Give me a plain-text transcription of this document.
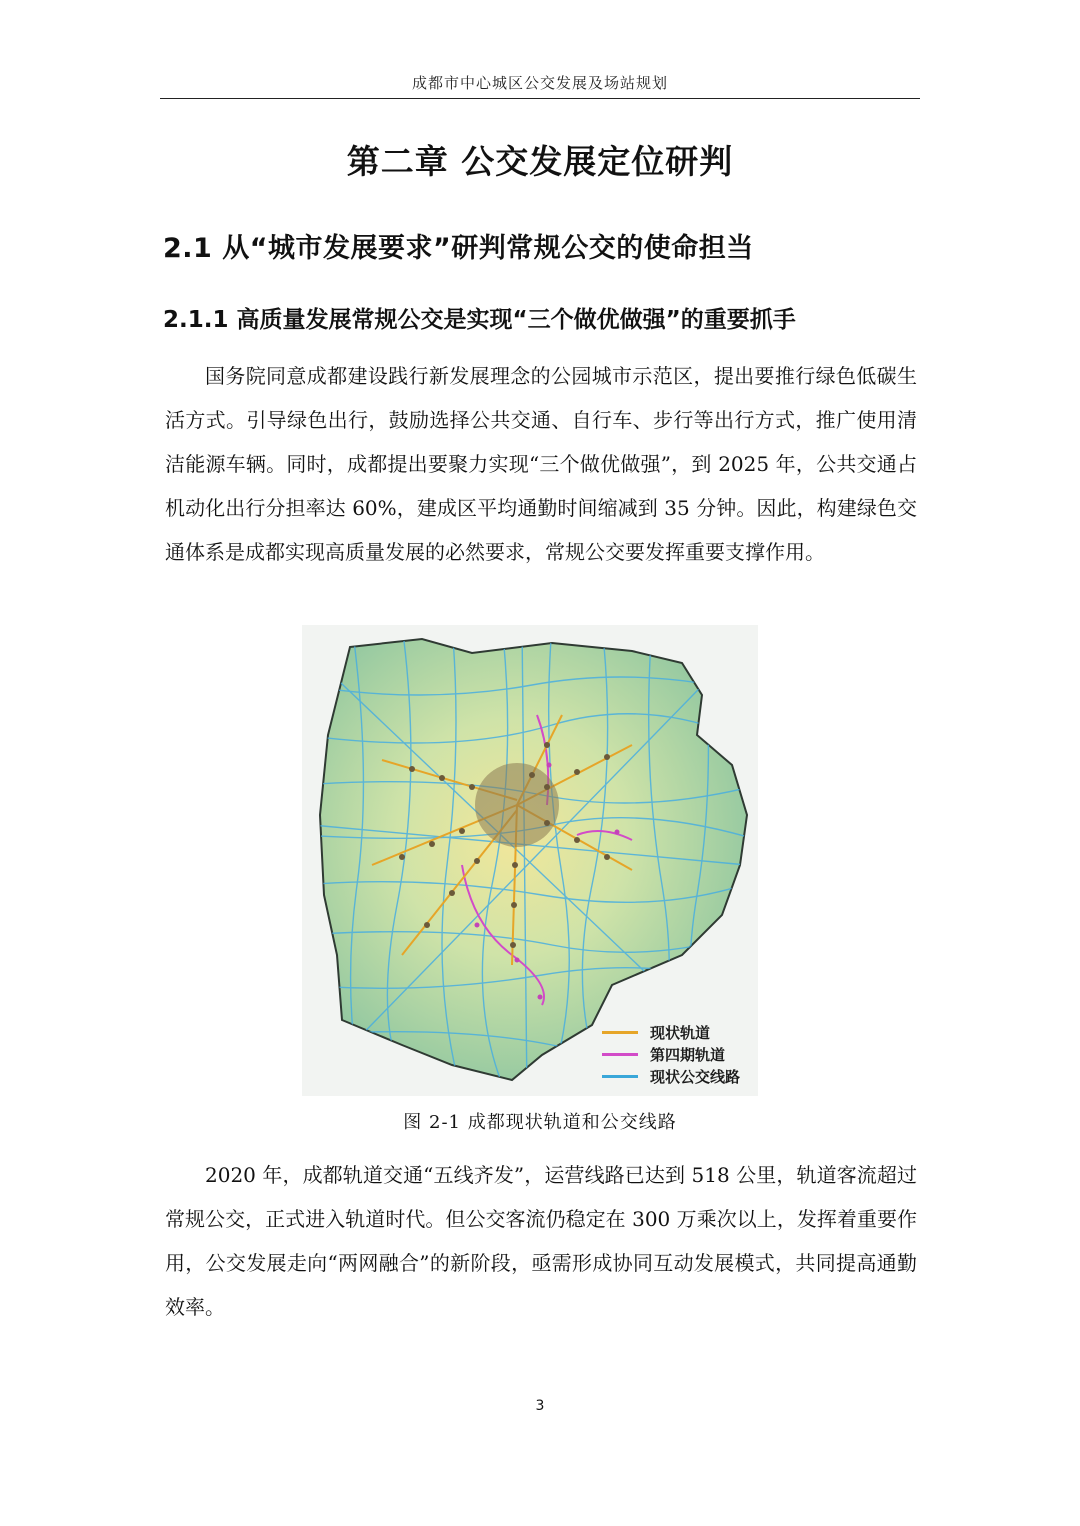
成都市中心城区公交发展及场站规划
第二章 公交发展定位研判
2.1 从“城市发展要求”研判常规公交的使命担当
2.1.1 高质量发展常规公交是实现“三个做优做强”的重要抓手

国务院同意成都建设践行新发展理念的公园城市示范区，提出要推行绿色低碳生活方式。引导绿色出行，鼓励选择公共交通、自行车、步行等出行方式，推广使用清洁能源车辆。同时，成都提出要聚力实现“三个做优做强”，到 2025 年，公共交通占机动化出行分担率达 60%，建成区平均通勤时间缩减到 35 分钟。因此，构建绿色交通体系是成都实现高质量发展的必然要求，常规公交要发挥重要支撑作用。

现状轨道
第四期轨道
现状公交线路
图 2-1 成都现状轨道和公交线路

2020 年，成都轨道交通“五线齐发”，运营线路已达到 518 公里，轨道客流超过常规公交，正式进入轨道时代。但公交客流仍稳定在 300 万乘次以上，发挥着重要作用，公交发展走向“两网融合”的新阶段，亟需形成协同互动发展模式，共同提高通勤效率。

3
